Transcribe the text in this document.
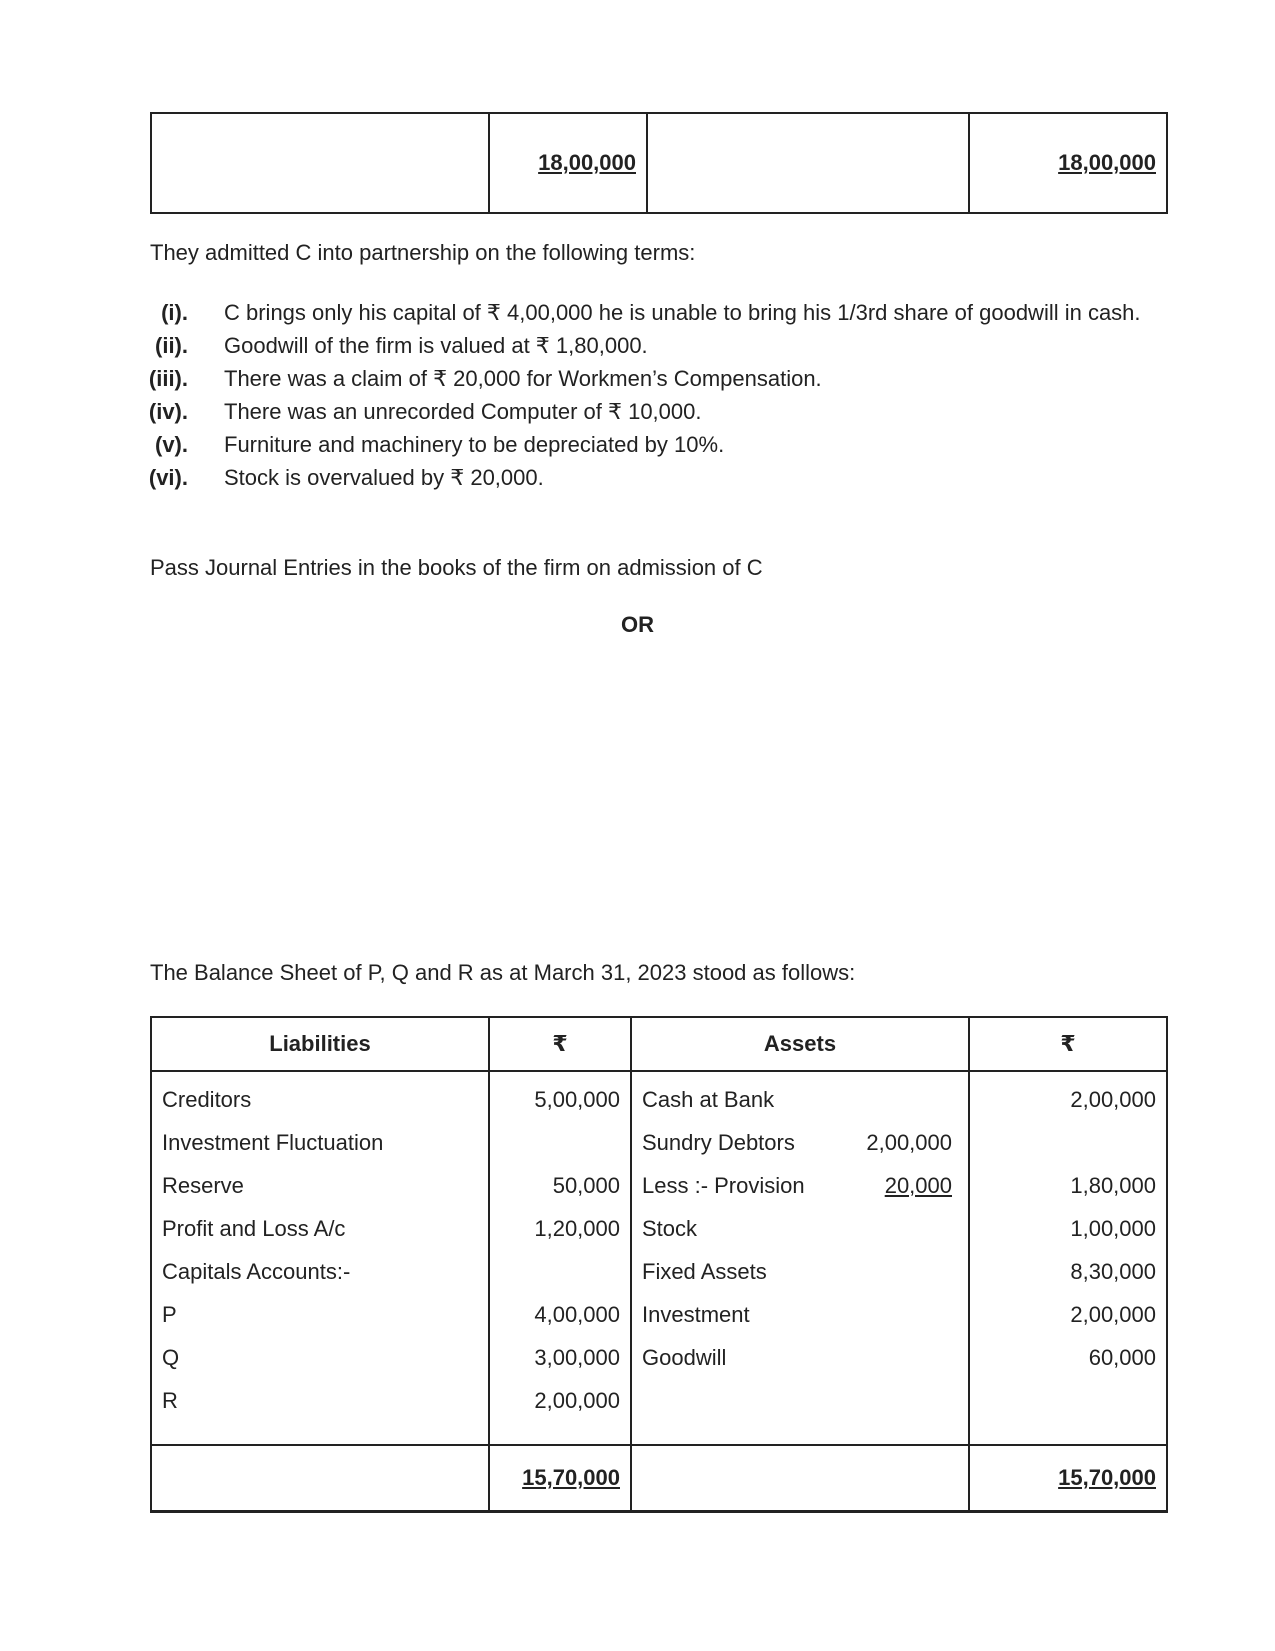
	18,00,000		18,00,000
They admitted C into partnership on the following terms:
(i). C brings only his capital of ₹ 4,00,000 he is unable to bring his 1/3rd share of goodwill in cash.
(ii). Goodwill of the firm is valued at ₹ 1,80,000.
(iii). There was a claim of ₹ 20,000 for Workmen’s Compensation.
(iv). There was an unrecorded Computer of ₹ 10,000.
(v). Furniture and machinery to be depreciated by 10%.
(vi). Stock is overvalued by ₹ 20,000.
Pass Journal Entries in the books of the firm on admission of C
OR
The Balance Sheet of P, Q and R as at March 31, 2023 stood as follows:
Liabilities	₹	Assets	₹
Creditors	5,00,000	Cash at Bank	2,00,000
Investment Fluctuation		Sundry Debtors 2,00,000	

Reserve	50,000	Less :- Provision 20,000	1,80,000
Profit and Loss A/c	1,20,000	Stock	1,00,000
Capitals Accounts:-		Fixed Assets	8,30,000
P	4,00,000	Investment	2,00,000
Q	3,00,000	Goodwill	60,000
R	2,00,000		

	15,70,000		15,70,000
